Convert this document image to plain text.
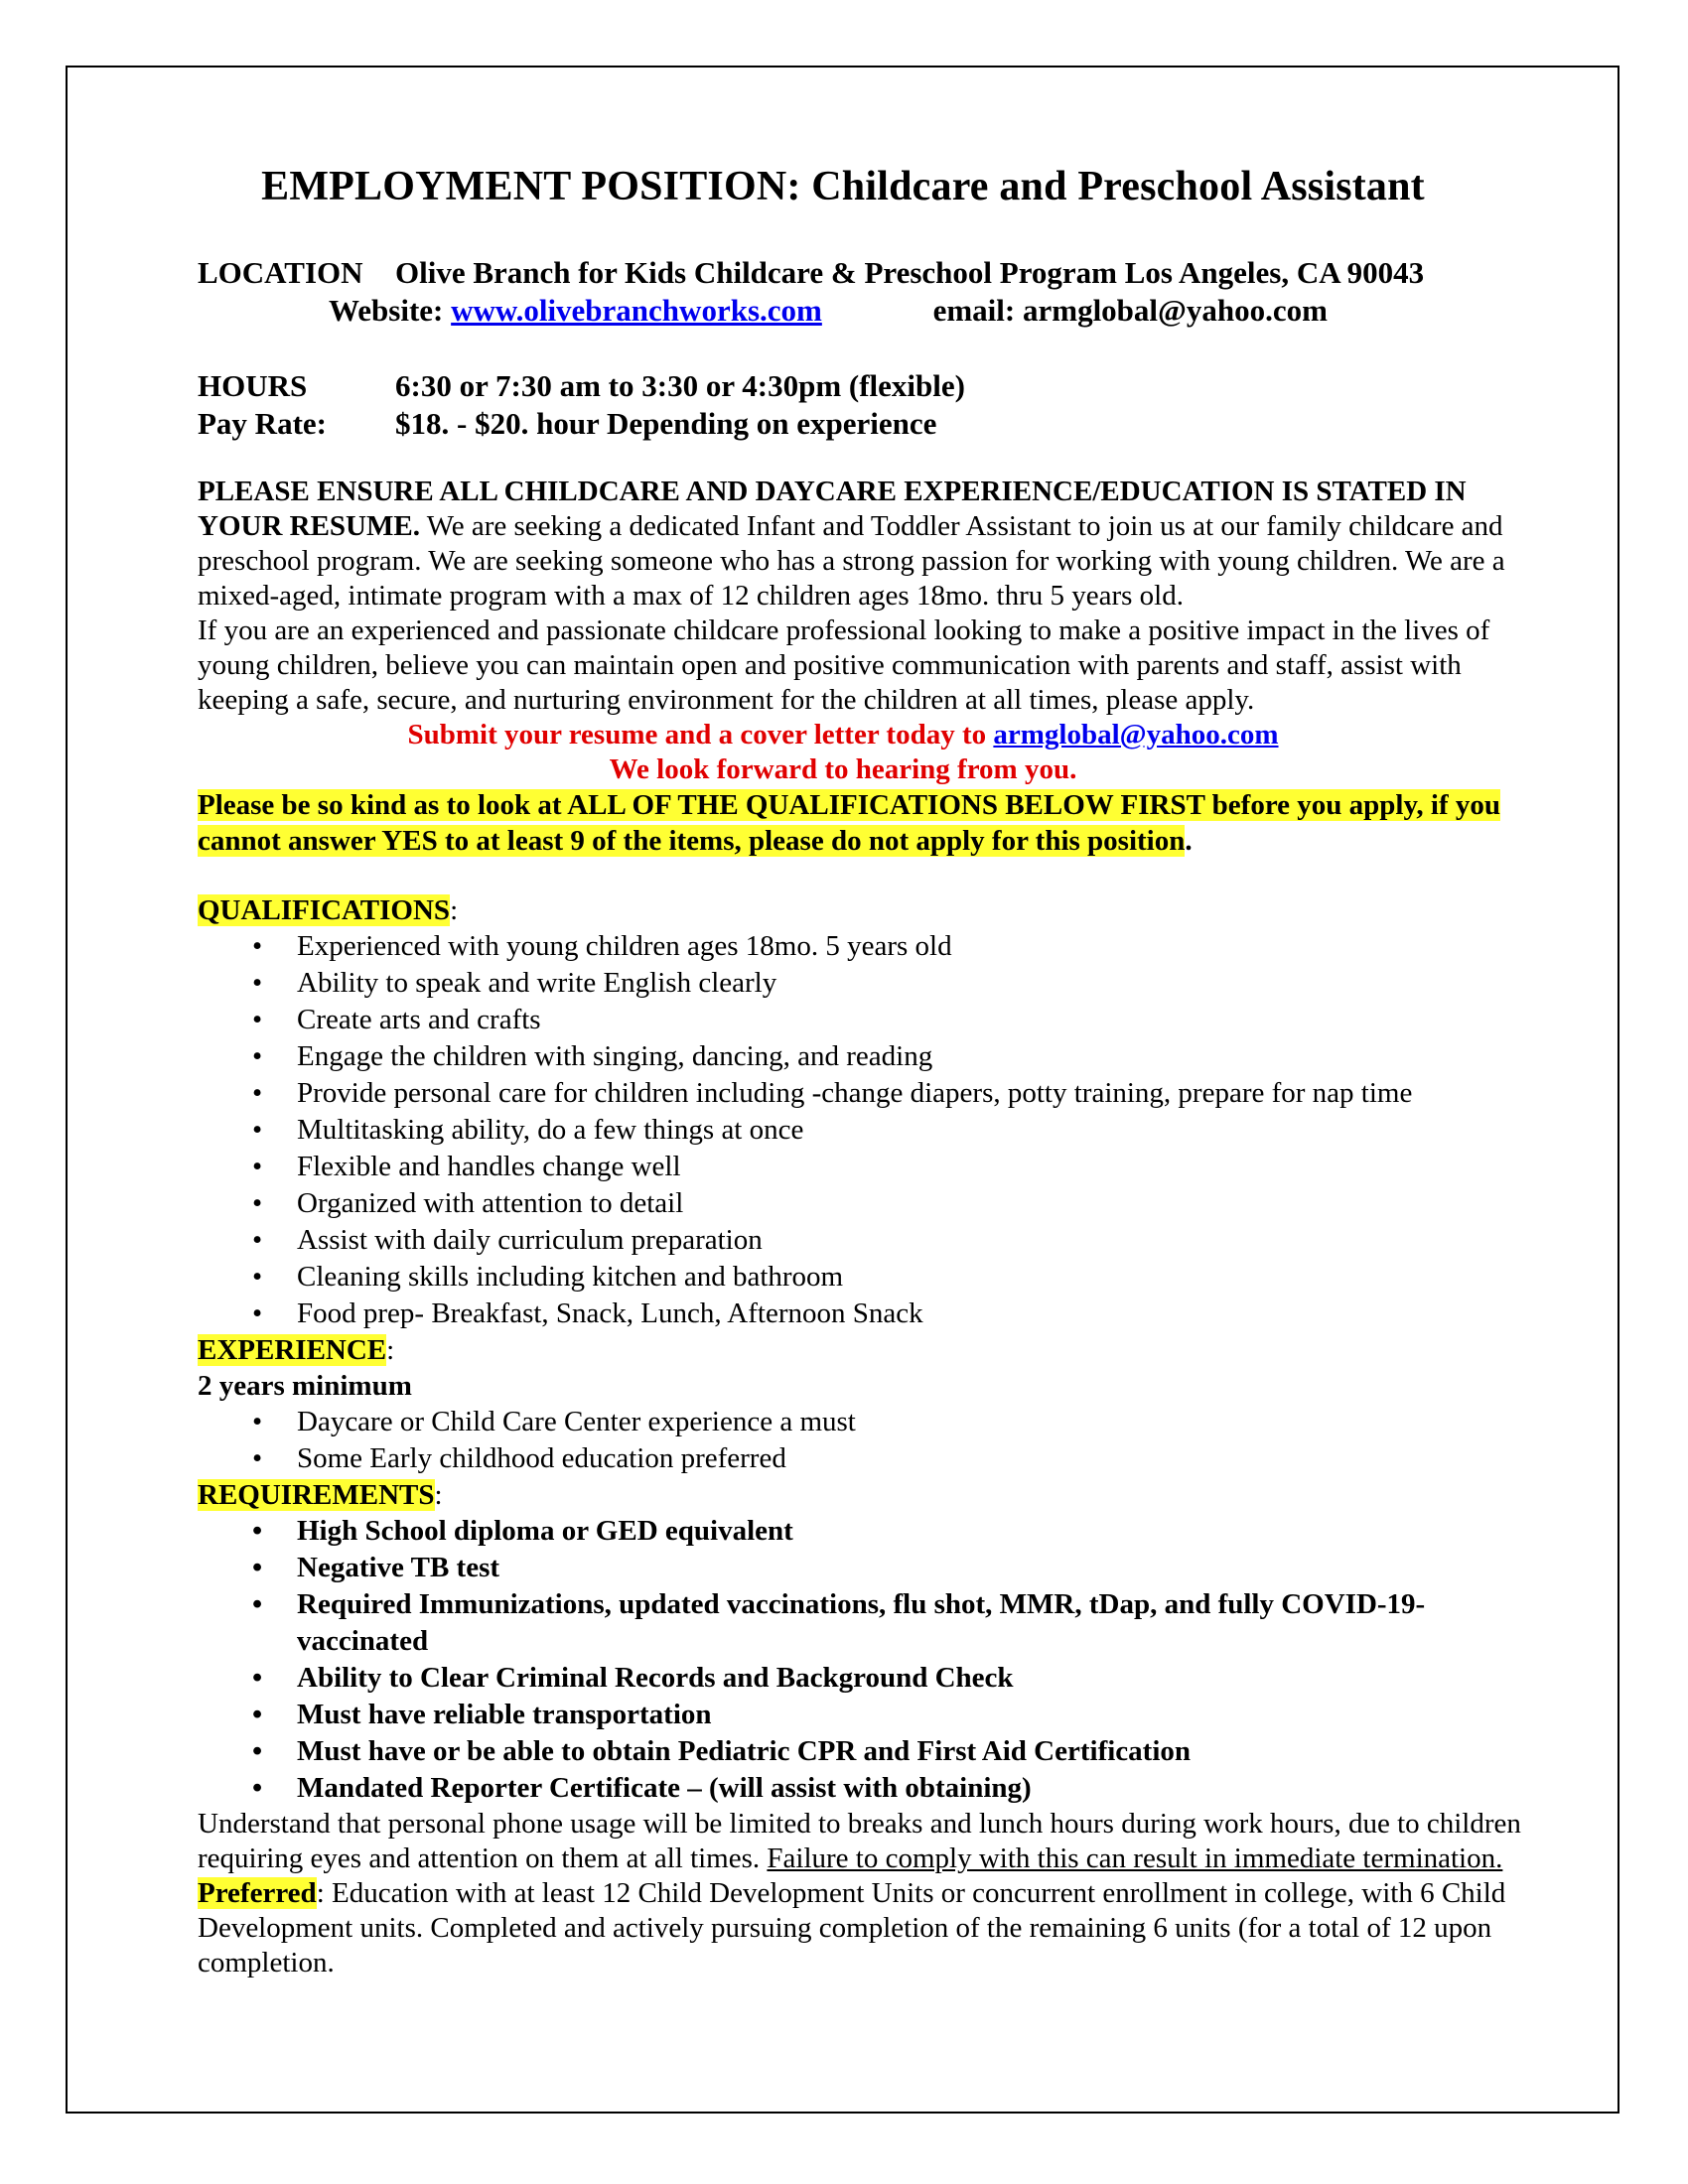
EMPLOYMENT POSITION: Childcare and Preschool Assistant
LOCATION Olive Branch for Kids Childcare & Preschool Program Los Angeles, CA 90043
Website: www.olivebranchworks.com	email: armglobal@yahoo.com
HOURS	6:30 or 7:30 am to 3:30 or 4:30pm (flexible)
Pay Rate: $18. - $20. hour Depending on experience
PLEASE ENSURE ALL CHILDCARE AND DAYCARE EXPERIENCE/EDUCATION IS STATED IN YOUR RESUME. We are seeking a dedicated Infant and Toddler Assistant to join us at our family childcare and preschool program. We are seeking someone who has a strong passion for working with young children. We are a mixed-aged, intimate program with a max of 12 children ages 18mo. thru 5 years old.
If you are an experienced and passionate childcare professional looking to make a positive impact in the lives of young children, believe you can maintain open and positive communication with parents and staff, assist with keeping a safe, secure, and nurturing environment for the children at all times, please apply.
Submit your resume and a cover letter today to armglobal@yahoo.com
We look forward to hearing from you.
Please be so kind as to look at ALL OF THE QUALIFICATIONS BELOW FIRST before you apply, if you cannot answer YES to at least 9 of the items, please do not apply for this position.
QUALIFICATIONS:
• Experienced with young children ages 18mo. 5 years old
• Ability to speak and write English clearly
• Create arts and crafts
• Engage the children with singing, dancing, and reading
• Provide personal care for children including -change diapers, potty training, prepare for nap time
• Multitasking ability, do a few things at once
• Flexible and handles change well
• Organized with attention to detail
• Assist with daily curriculum preparation
• Cleaning skills including kitchen and bathroom
• Food prep- Breakfast, Snack, Lunch, Afternoon Snack
EXPERIENCE:
2 years minimum
• Daycare or Child Care Center experience a must
• Some Early childhood education preferred
REQUIREMENTS:
• High School diploma or GED equivalent
• Negative TB test
• Required Immunizations, updated vaccinations, flu shot, MMR, tDap, and fully COVID-19-vaccinated
• Ability to Clear Criminal Records and Background Check
• Must have reliable transportation
• Must have or be able to obtain Pediatric CPR and First Aid Certification
• Mandated Reporter Certificate – (will assist with obtaining)
Understand that personal phone usage will be limited to breaks and lunch hours during work hours, due to children requiring eyes and attention on them at all times. Failure to comply with this can result in immediate termination.
Preferred: Education with at least 12 Child Development Units or concurrent enrollment in college, with 6 Child Development units. Completed and actively pursuing completion of the remaining 6 units (for a total of 12 upon completion.
